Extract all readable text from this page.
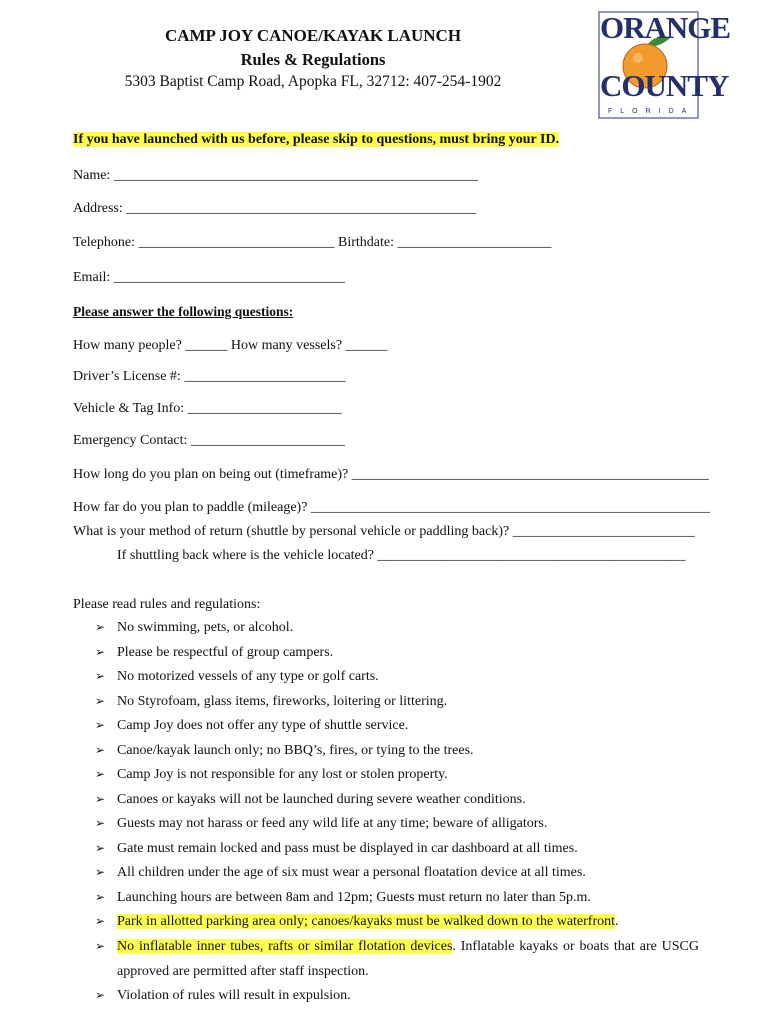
CAMP JOY CANOE/KAYAK LAUNCH
Rules & Regulations
5303 Baptist Camp Road, Apopka FL, 32712: 407-254-1902
ORANGE
COUNTY
FLORIDA
If you have launched with us before, please skip to questions, must bring your ID.
Name: ____________________________________________________
Address: __________________________________________________
Telephone: ____________________________ Birthdate: ______________________
Email: _________________________________
Please answer the following questions:
How many people? ______ How many vessels? ______
Driver’s License #: _______________________
Vehicle & Tag Info: ______________________
Emergency Contact: ______________________
How long do you plan on being out (timeframe)? ___________________________________________________
How far do you plan to paddle (mileage)? _________________________________________________________
What is your method of return (shuttle by personal vehicle or paddling back)? __________________________
If shuttling back where is the vehicle located? ____________________________________________
Please read rules and regulations:
➢ No swimming, pets, or alcohol.
➢ Please be respectful of group campers.
➢ No motorized vessels of any type or golf carts.
➢ No Styrofoam, glass items, fireworks, loitering or littering.
➢ Camp Joy does not offer any type of shuttle service.
➢ Canoe/kayak launch only; no BBQ’s, fires, or tying to the trees.
➢ Camp Joy is not responsible for any lost or stolen property.
➢ Canoes or kayaks will not be launched during severe weather conditions.
➢ Guests may not harass or feed any wild life at any time; beware of alligators.
➢ Gate must remain locked and pass must be displayed in car dashboard at all times.
➢ All children under the age of six must wear a personal floatation device at all times.
➢ Launching hours are between 8am and 12pm; Guests must return no later than 5p.m.
➢ Park in allotted parking area only; canoes/kayaks must be walked down to the waterfront.
➢ No inflatable inner tubes, rafts or similar flotation devices. Inflatable kayaks or boats that are USCG
approved are permitted after staff inspection.
➢ Violation of rules will result in expulsion.
